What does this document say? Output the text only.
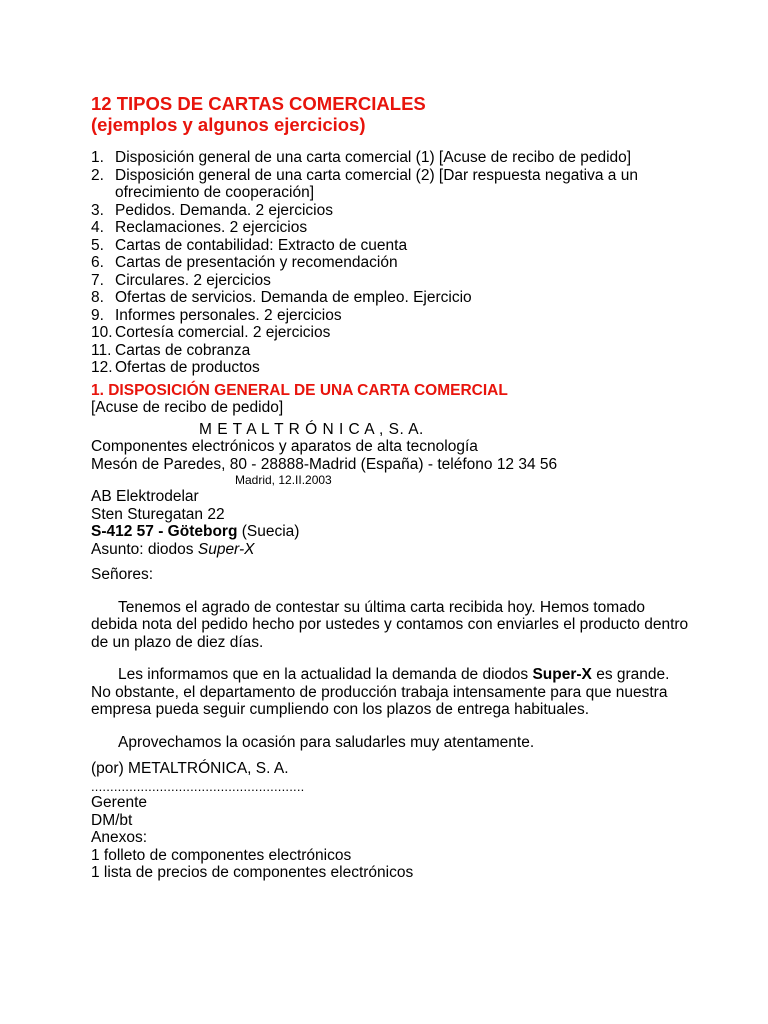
12 TIPOS DE CARTAS COMERCIALES
(ejemplos y algunos ejercicios)
1. Disposición general de una carta comercial (1) [Acuse de recibo de pedido]
2. Disposición general de una carta comercial (2) [Dar respuesta negativa a un ofrecimiento de cooperación]
3. Pedidos. Demanda. 2 ejercicios
4. Reclamaciones. 2 ejercicios
5. Cartas de contabilidad: Extracto de cuenta
6. Cartas de presentación y recomendación
7. Circulares. 2 ejercicios
8. Ofertas de servicios. Demanda de empleo. Ejercicio
9. Informes personales. 2 ejercicios
10. Cortesía comercial. 2 ejercicios
11. Cartas de cobranza
12. Ofertas de productos
1. DISPOSICIÓN GENERAL DE UNA CARTA COMERCIAL

[Acuse de recibo de pedido]

M E T A L T R Ó N I C A , S. A.

Componentes electrónicos y aparatos de alta tecnología

Mesón de Paredes, 80 - 28888-Madrid (España) - teléfono 12 34 56

Madrid, 12.II.2003

AB Elektrodelar

Sten Sturegatan 22

S-412 57 - Göteborg (Suecia)

Asunto: diodos Super-X

Señores:

Tenemos el agrado de contestar su última carta recibida hoy. Hemos tomado debida nota del pedido hecho por ustedes y contamos con enviarles el producto dentro de un plazo de diez días.

Les informamos que en la actualidad la demanda de diodos Super-X es grande. No obstante, el departamento de producción trabaja intensamente para que nuestra empresa pueda seguir cumpliendo con los plazos de entrega habituales.

Aprovechamos la ocasión para saludarles muy atentamente.

(por) METALTRÓNICA, S. A.

........................................................

Gerente

DM/bt

Anexos:

1 folleto de componentes electrónicos

1 lista de precios de componentes electrónicos
